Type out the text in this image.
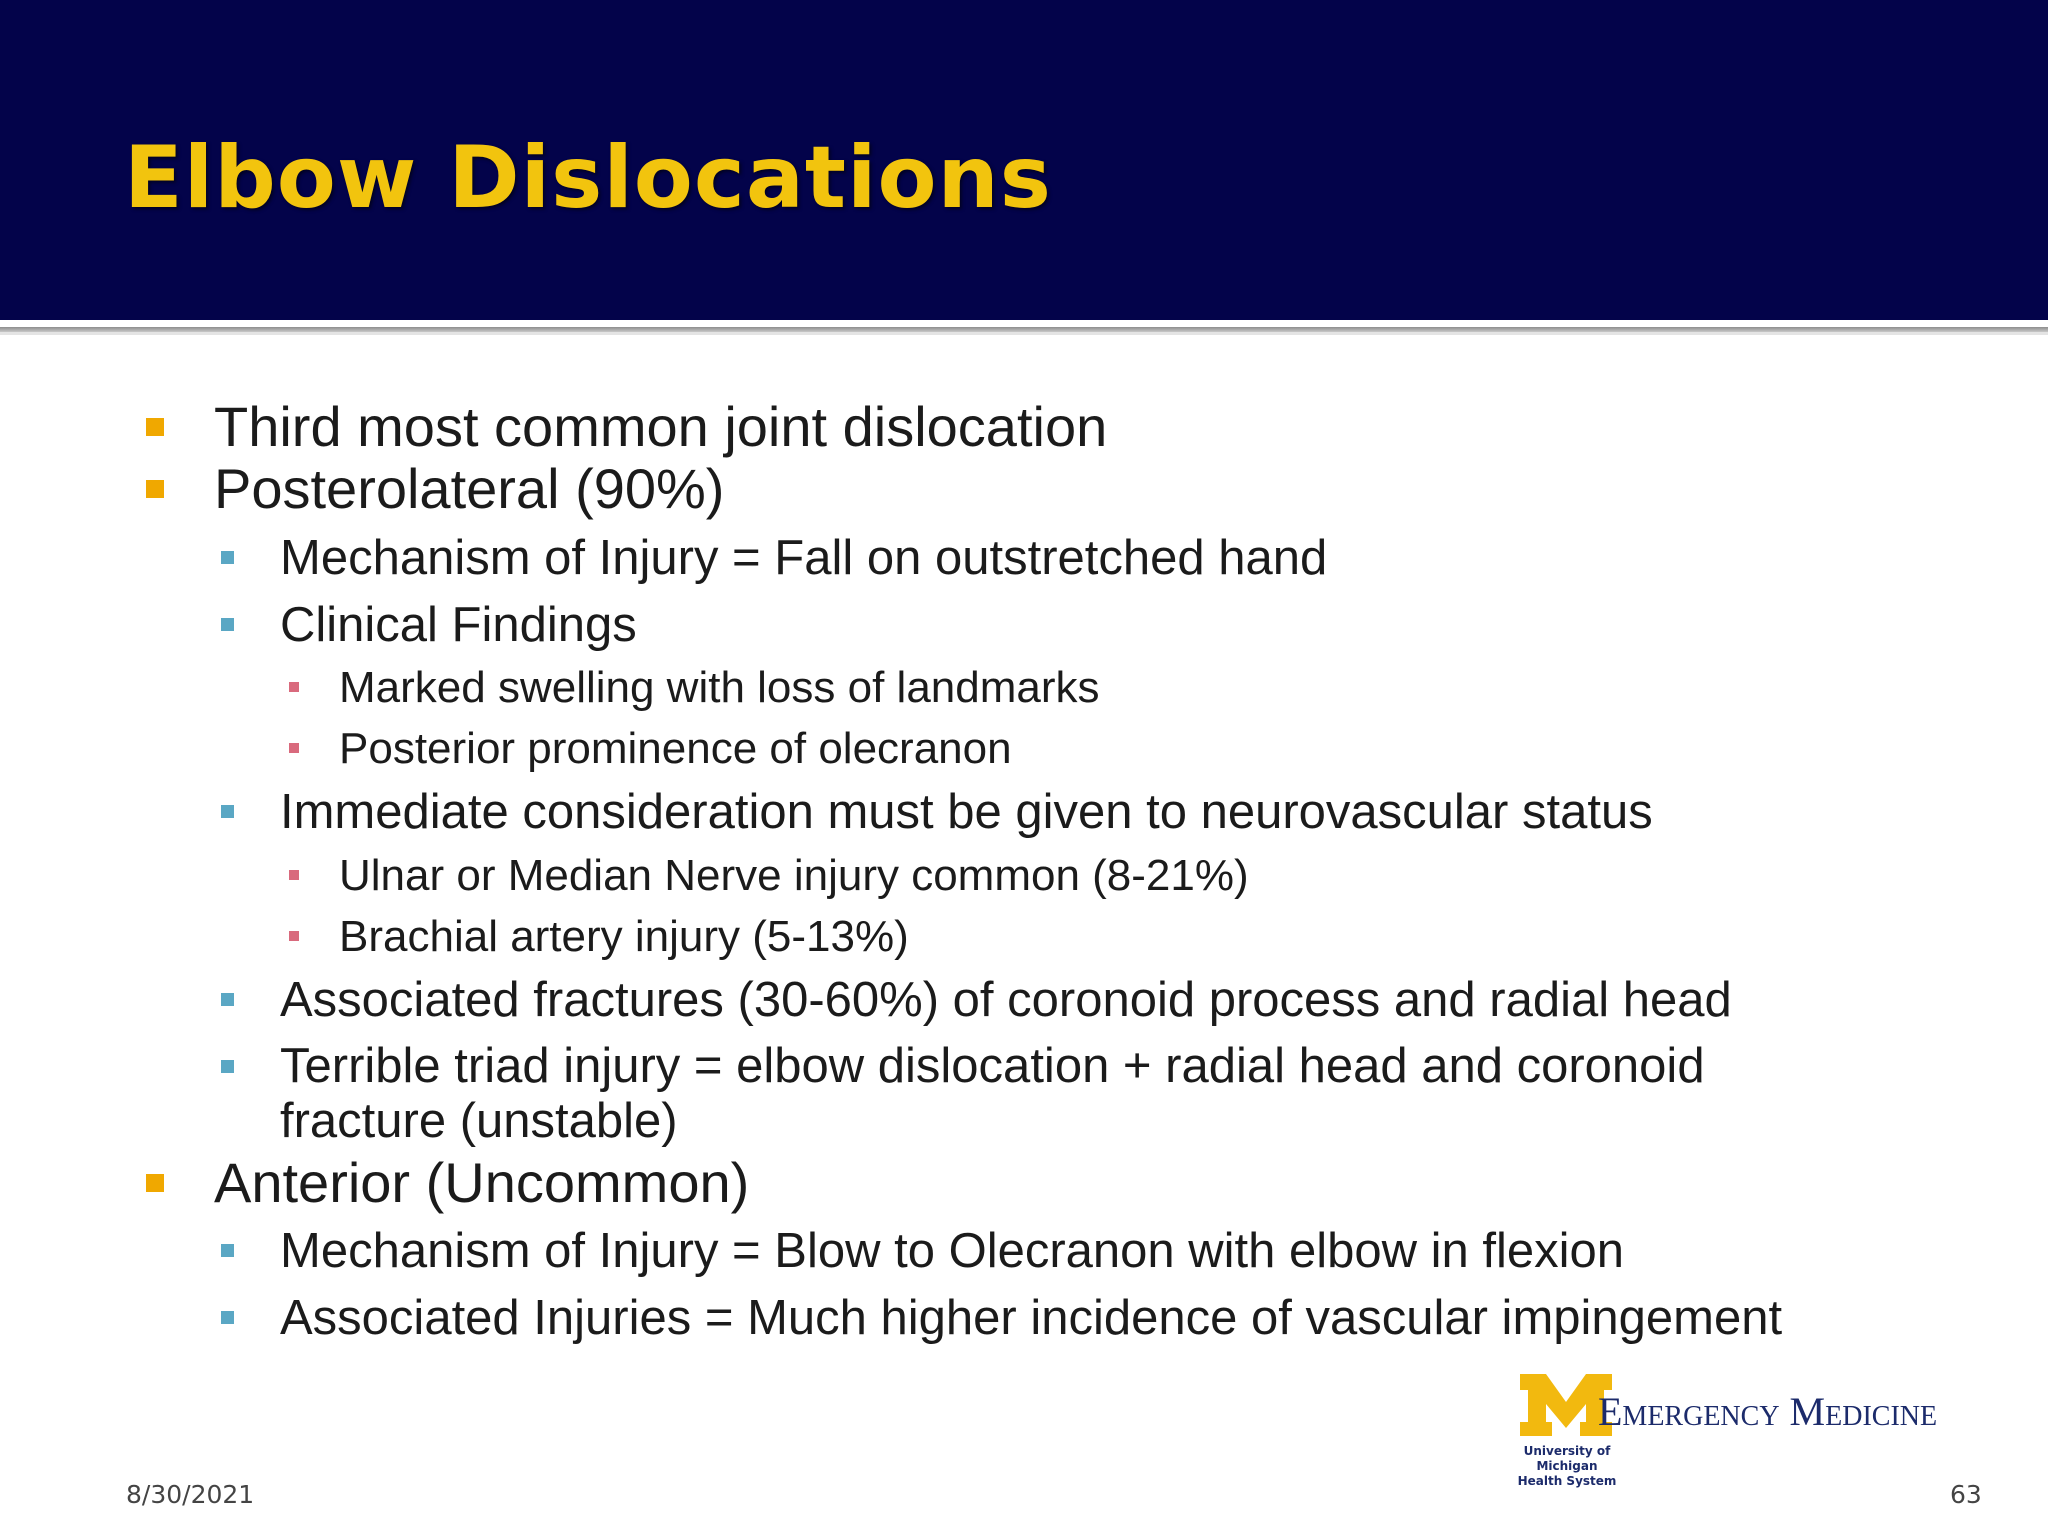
Elbow Dislocations
Third most common joint dislocation
Posterolateral (90%)
Mechanism of Injury = Fall on outstretched hand
Clinical Findings
Marked swelling with loss of landmarks
Posterior prominence of olecranon
Immediate consideration must be given to neurovascular status
Ulnar or Median Nerve injury common (8-21%)
Brachial artery injury (5-13%)
Associated fractures (30-60%) of coronoid process and radial head
Terrible triad injury = elbow dislocation + radial head and coronoid fracture (unstable)
Anterior (Uncommon)
Mechanism of Injury = Blow to Olecranon with elbow in flexion
Associated Injuries = Much higher incidence of vascular impingement
Emergency Medicine
University of Michigan
Health System
8/30/2021	63
